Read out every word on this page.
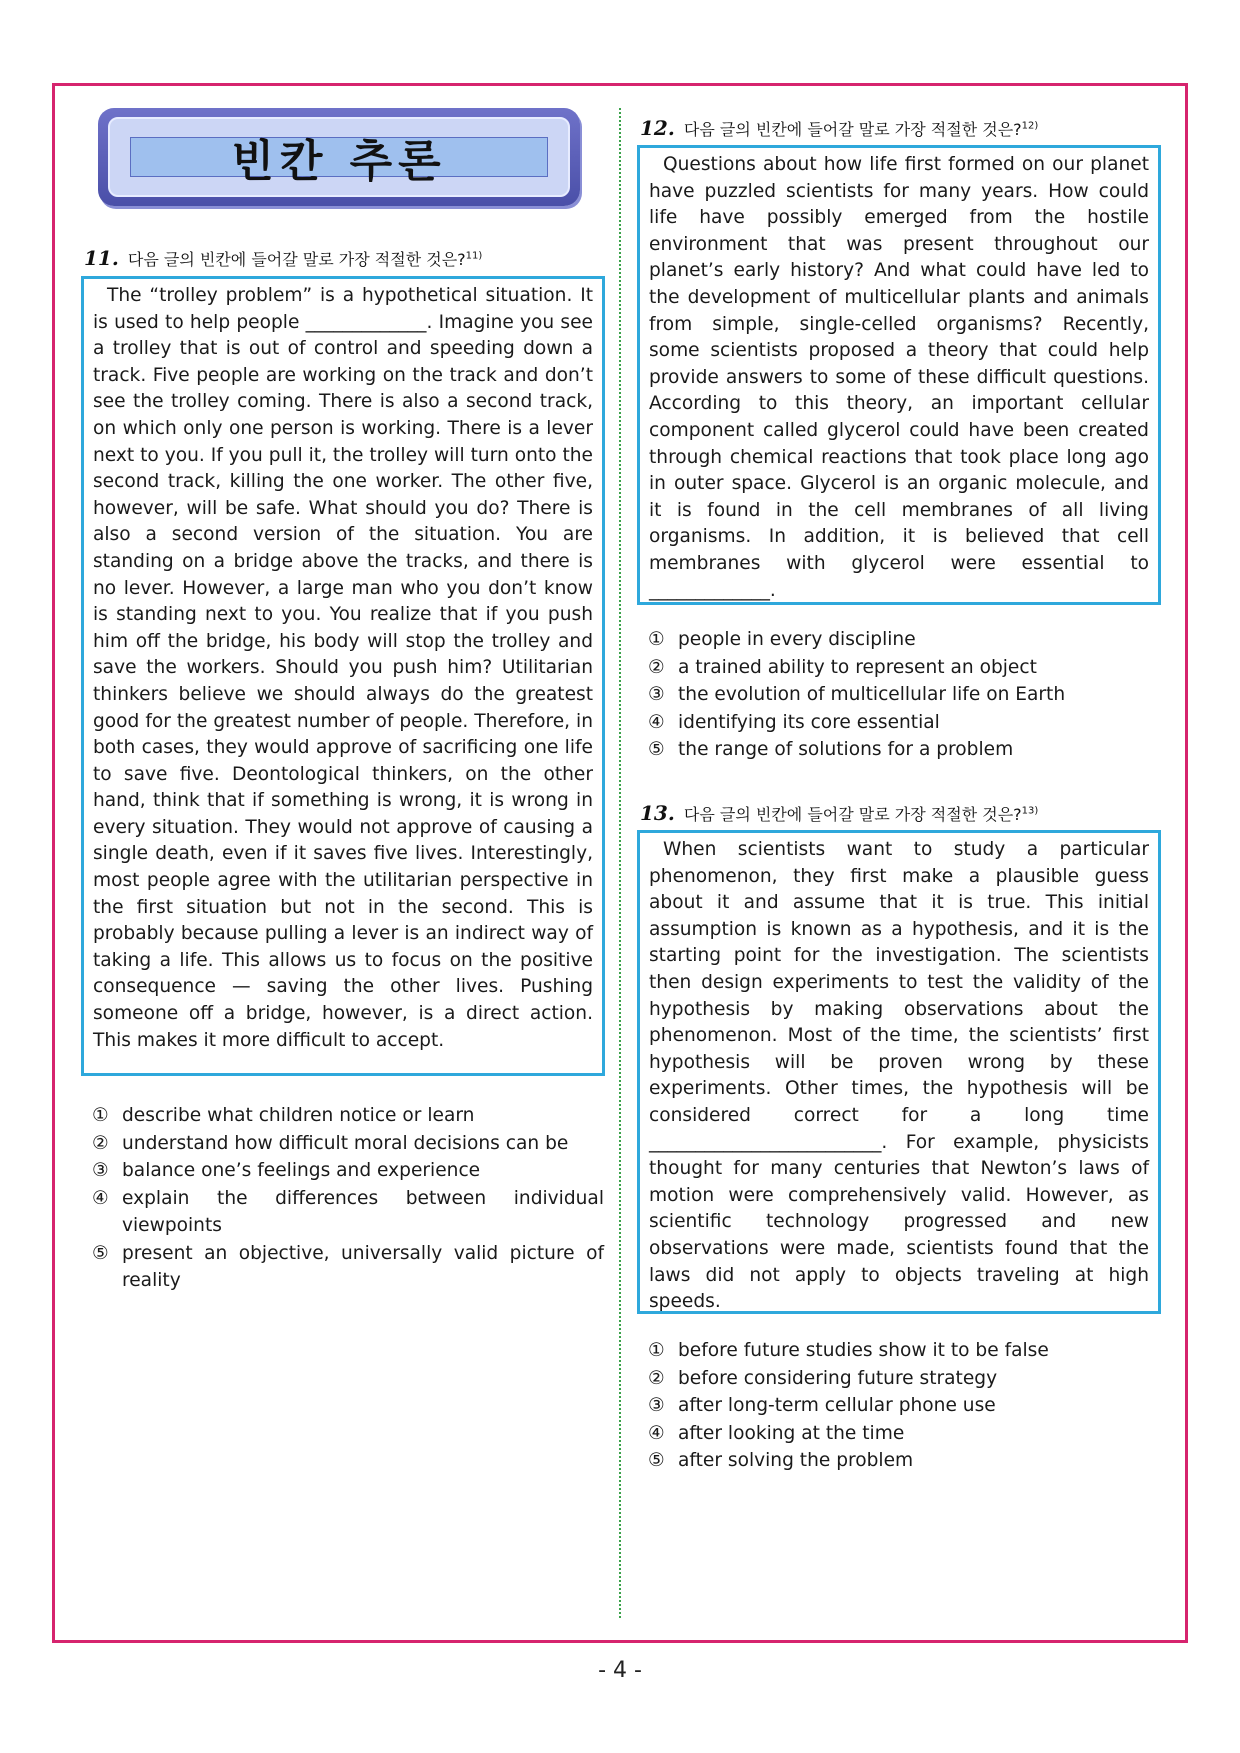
빈칸 추론
11. 다음 글의 빈칸에 들어갈 말로 가장 적절한 것은?$^{11)}$
The “trolley problem” is a hypothetical situation. It is used to help people _____________. Imagine you see a trolley that is out of control and speeding down a track. Five people are working on the track and don’t see the trolley coming. There is also a second track, on which only one person is working. There is a lever next to you. If you pull it, the trolley will turn onto the second track, killing the one worker. The other five, however, will be safe. What should you do? There is also a second version of the situation. You are standing on a bridge above the tracks, and there is no lever. However, a large man who you don’t know is standing next to you. You realize that if you push him off the bridge, his body will stop the trolley and save the workers. Should you push him? Utilitarian thinkers believe we should always do the greatest good for the greatest number of people. Therefore, in both cases, they would approve of sacrificing one life to save five. Deontological thinkers, on the other hand, think that if something is wrong, it is wrong in every situation. They would not approve of causing a single death, even if it saves five lives. Interestingly, most people agree with the utilitarian perspective in the first situation but not in the second. This is probably because pulling a lever is an indirect way of taking a life. This allows us to focus on the positive consequence — saving the other lives. Pushing someone off a bridge, however, is a direct action. This makes it more difficult to accept.
① describe what children notice or learn
② understand how difficult moral decisions can be
③ balance one’s feelings and experience
④ explain the differences between individual viewpoints
⑤ present an objective, universally valid picture of reality
12. 다음 글의 빈칸에 들어갈 말로 가장 적절한 것은?$^{12)}$
Questions about how life first formed on our planet have puzzled scientists for many years. How could life have possibly emerged from the hostile environment that was present throughout our planet’s early history? And what could have led to the development of multicellular plants and animals from simple, single-celled organisms? Recently, some scientists proposed a theory that could help provide answers to some of these difficult questions. According to this theory, an important cellular component called glycerol could have been created through chemical reactions that took place long ago in outer space. Glycerol is an organic molecule, and it is found in the cell membranes of all living organisms. In addition, it is believed that cell membranes with glycerol were essential to _____________.
① people in every discipline
② a trained ability to represent an object
③ the evolution of multicellular life on Earth
④ identifying its core essential
⑤ the range of solutions for a problem
13. 다음 글의 빈칸에 들어갈 말로 가장 적절한 것은?$^{13)}$
When scientists want to study a particular phenomenon, they first make a plausible guess about it and assume that it is true. This initial assumption is known as a hypothesis, and it is the starting point for the investigation. The scientists then design experiments to test the validity of the hypothesis by making observations about the phenomenon. Most of the time, the scientists’ first hypothesis will be proven wrong by these experiments. Other times, the hypothesis will be considered correct for a long time _________________________. For example, physicists thought for many centuries that Newton’s laws of motion were comprehensively valid. However, as scientific technology progressed and new observations were made, scientists found that the laws did not apply to objects traveling at high speeds.
① before future studies show it to be false
② before considering future strategy
③ after long-term cellular phone use
④ after looking at the time
⑤ after solving the problem
- 4 -
